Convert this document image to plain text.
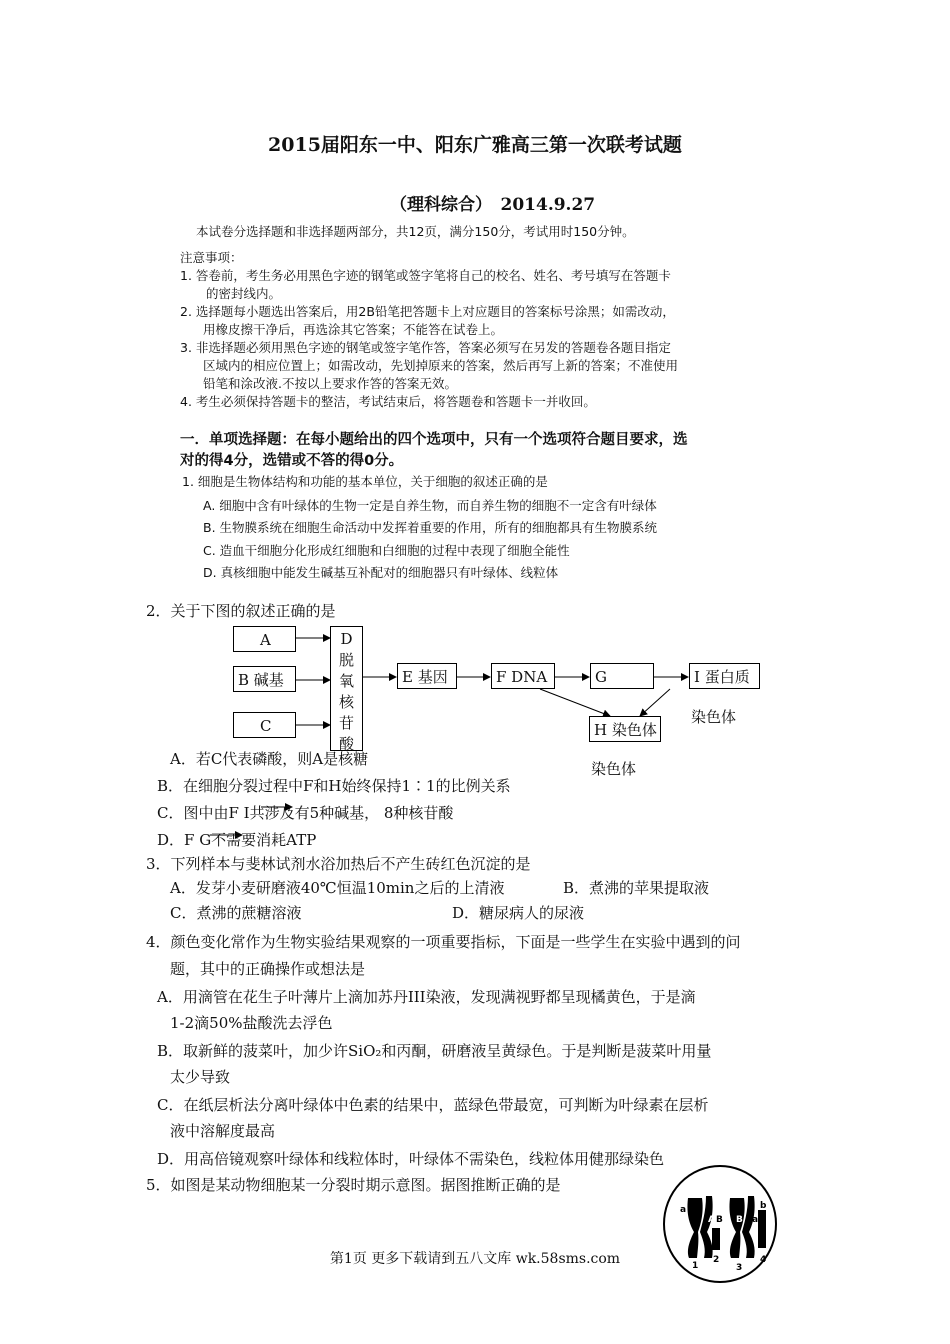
2015届阳东一中、阳东广雅高三第一次联考试题
（理科综合）　2014.9.27
本试卷分选择题和非选择题两部分，共12页，满分150分，考试用时150分钟。
注意事项：
1. 答卷前，考生务必用黑色字迹的钢笔或签字笔将自己的校名、姓名、考号填写在答题卡
的密封线内。
2. 选择题每小题选出答案后，用2B铅笔把答题卡上对应题目的答案标号涂黑；如需改动，
用橡皮擦干净后，再选涂其它答案；不能答在试卷上。
3. 非选择题必须用黑色字迹的钢笔或签字笔作答，答案必须写在另发的答题卷各题目指定
区域内的相应位置上；如需改动，先划掉原来的答案，然后再写上新的答案；不准使用
铅笔和涂改液.不按以上要求作答的答案无效。
4. 考生必须保持答题卡的整洁，考试结束后，将答题卷和答题卡一并收回。
一．单项选择题：在每小题给出的四个选项中，只有一个选项符合题目要求，选
对的得4分，选错或不答的得0分。
1. 细胞是生物体结构和功能的基本单位，关于细胞的叙述正确的是
A. 细胞中含有叶绿体的生物一定是自养生物，而自养生物的细胞不一定含有叶绿体
B. 生物膜系统在细胞生命活动中发挥着重要的作用，所有的细胞都具有生物膜系统
C. 造血干细胞分化形成红细胞和白细胞的过程中表现了细胞全能性
D. 真核细胞中能发生碱基互补配对的细胞器只有叶绿体、线粒体
2．关于下图的叙述正确的是
A
B 碱基
C
D
脱
氧
核
苷
酸
E 基因	F DNA	G	I 蛋白质
H 染色体
染色体
染色体
A．若C代表磷酸，则A是核糖
B．在细胞分裂过程中F和H始终保持1∶1的比例关系
C．图中由F I共涉及有5种碱基， 8种核苷酸
D．F G不需要消耗ATP
3．下列样本与斐林试剂水浴加热后不产生砖红色沉淀的是
A．发芽小麦研磨液40℃恒温10min之后的上清液	B．煮沸的苹果提取液
C．煮沸的蔗糖溶液	D．糖尿病人的尿液
4．颜色变化常作为生物实验结果观察的一项重要指标，下面是一些学生在实验中遇到的问
题，其中的正确操作或想法是
A．用滴管在花生子叶薄片上滴加苏丹III染液，发现满视野都呈现橘黄色，于是滴
1-2滴50%盐酸洗去浮色
B．取新鲜的菠菜叶，加少许SiO₂和丙酮，研磨液呈黄绿色。于是判断是菠菜叶用量
太少导致
C．在纸层析法分离叶绿体中色素的结果中，蓝绿色带最宽，可判断为叶绿素在层析
液中溶解度最高
D．用高倍镜观察叶绿体和线粒体时，叶绿体不需染色，线粒体用健那绿染色
5．如图是某动物细胞某一分裂时期示意图。据图推断正确的是
a
A B B
b
a
1
2
3
4
第1页 更多下载请到五八文库 wk.58sms.com
